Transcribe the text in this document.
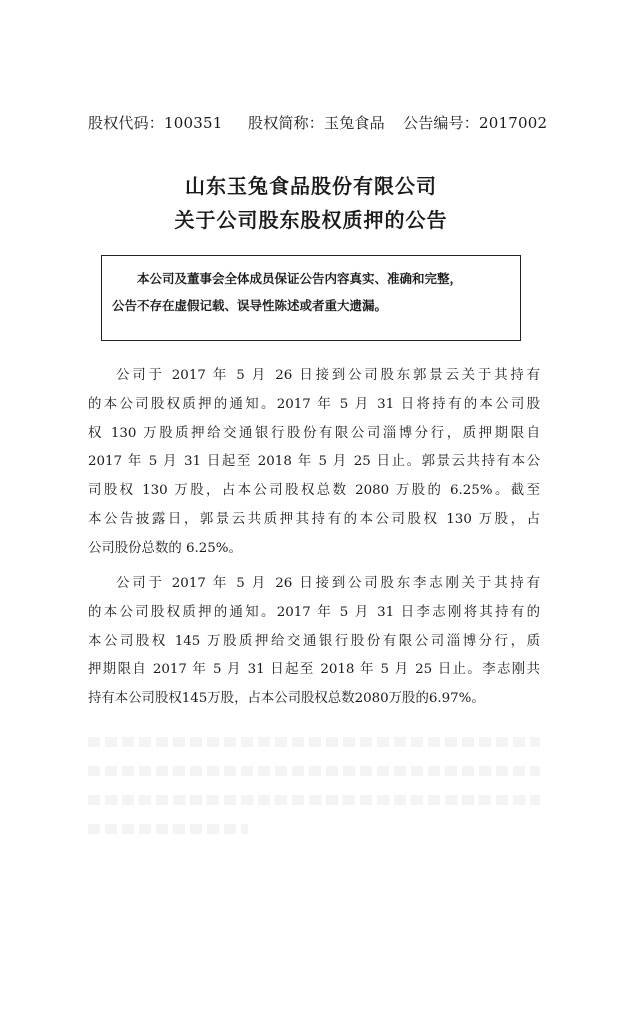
股权代码：100351	股权简称：玉兔食品	公告编号：2017002
山东玉兔食品股份有限公司
关于公司股东股权质押的公告
本公司及董事会全体成员保证公告内容真实、准确和完整，
公告不存在虚假记载、误导性陈述或者重大遗漏。
公司于 2017 年 5 月 26 日接到公司股东郭景云关于其持有
的本公司股权质押的通知。2017 年 5 月 31 日将持有的本公司股
权 130 万股质押给交通银行股份有限公司淄博分行，质押期限自
2017 年 5 月 31 日起至 2018 年 5 月 25 日止。郭景云共持有本公
司股权 130 万股，占本公司股权总数 2080 万股的 6.25%。截至
本公告披露日，郭景云共质押其持有的本公司股权 130 万股，占
公司股份总数的 6.25%。
公司于 2017 年 5 月 26 日接到公司股东李志刚关于其持有
的本公司股权质押的通知。2017 年 5 月 31 日李志刚将其持有的
本公司股权 145 万股质押给交通银行股份有限公司淄博分行，质
押期限自 2017 年 5 月 31 日起至 2018 年 5 月 25 日止。李志刚共
持有本公司股权145万股，占本公司股权总数2080万股的6.97%。
